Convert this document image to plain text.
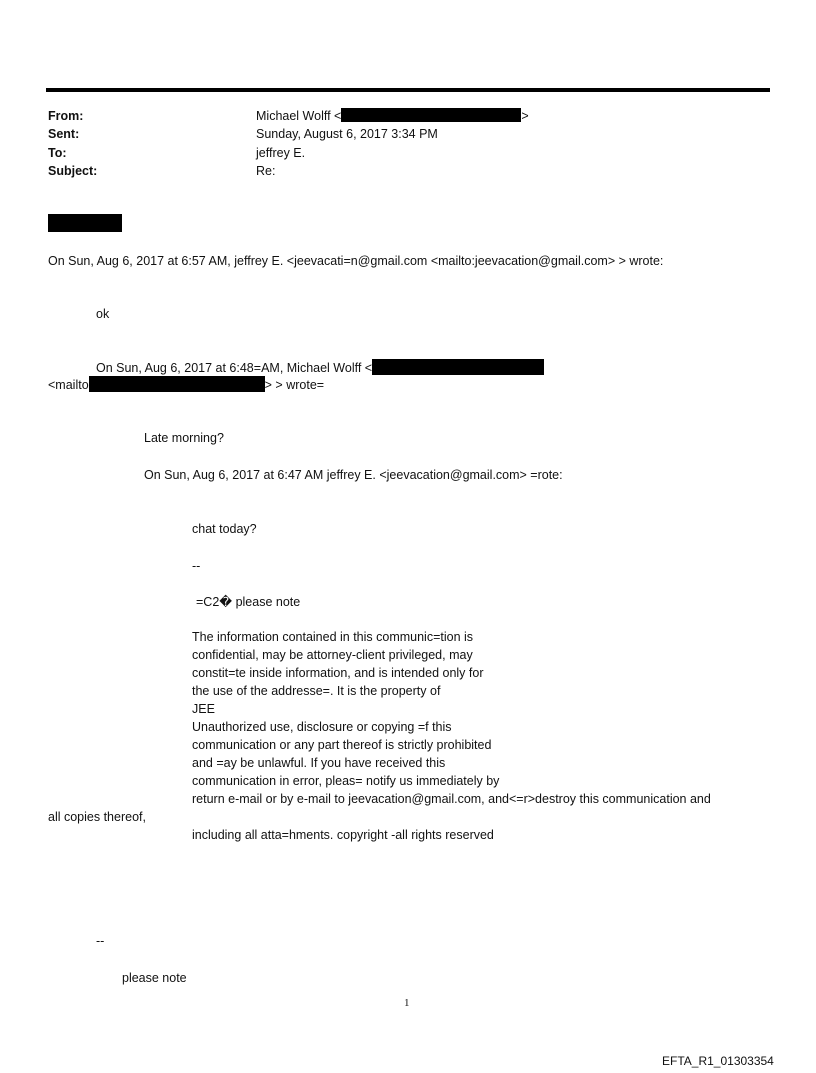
From:
Sent:
To:
Subject:
Michael Wolff <	>
Sunday, August 6, 2017 3:34 PM
jeffrey E.
Re:
On Sun, Aug 6, 2017 at 6:57 AM, jeffrey E. <jeevacati=n@gmail.com <mailto:jeevacation@gmail.com> > wrote:
ok
On Sun, Aug 6, 2017 at 6:48=AM, Michael Wolff <
<mailto	> > wrote=
Late morning?
On Sun, Aug 6, 2017 at 6:47 AM jeffrey E. <jeevacation@gmail.com> =rote:
chat today?
--
=C2� please note
The information contained in this communic=tion is
confidential, may be attorney-client privileged, may
constit=te inside information, and is intended only for
the use of the addresse=. It is the property of
JEE
Unauthorized use, disclosure or copying =f this
communication or any part thereof is strictly prohibited
and =ay be unlawful. If you have received this
communication in error, pleas= notify us immediately by
return e-mail or by e-mail to jeevacation@gmail.com, and<=r>destroy this communication and
all copies thereof,
including all atta=hments. copyright -all rights reserved
--
please note
1
EFTA_R1_01303354
